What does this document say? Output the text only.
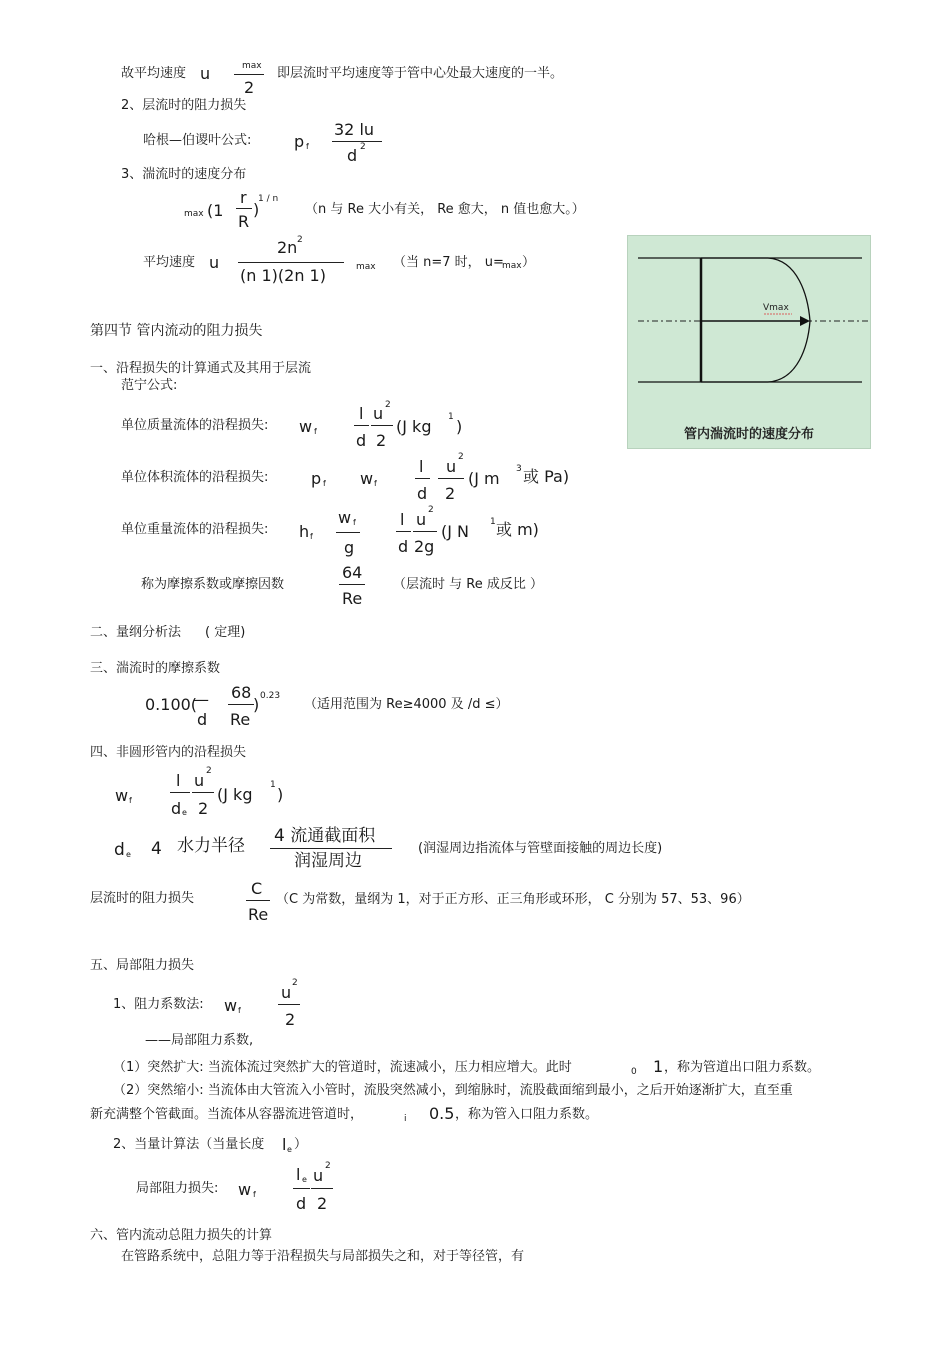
故平均速度 u	max
2
即层流时平均速度等于管中心处最大速度的一半。
2、层流时的阻力损失
哈根—伯谡叶公式:	p f
32 lu
d 2
3、湍流时的速度分布
max (1
r
R
)
1 / n
（n 与 Re 大小有关， Re 愈大， n 值也愈大。）
平均速度 u
2n 2
(n 1)(2n 1)	max （当 n=7 时， u=
max ）
Vmax
管内湍流时的速度分布
第四节 管内流动的阻力损失
一、沿程损失的计算通式及其用于层流
范宁公式:
单位质量流体的沿程损失: w f
l
d
u 2
2
(J kg 1 )
单位体积流体的沿程损失:	p f w f
l
d
u 2
2
(J m 3 或 Pa)
单位重量流体的沿程损失: h f
w f
g
l
d
u 2
2g
(J N 1 或 m)
称为摩擦系数或摩擦因数
64
Re
（层流时 与 Re 成反比 ）
二、量纲分析法 ( 定理)
三、湍流时的摩擦系数
0.100(
—
d
68
Re
) 0.23
（适用范围为 Re≥4000 及 /d ≤）
四、非圆形管内的沿程损失
w f
l
d e
u 2
2
(J kg 1 )
d e 4 水力半径 4 流通截面积
润湿周边
(润湿周边指流体与管壁面接触的周边长度)
层流时的阻力损失
C
Re
（C 为常数，量纲为 1，对于正方形、正三角形或环形， C 分别为 57、53、96）
五、局部阻力损失
1、阻力系数法: w f
u 2
2
——局部阻力系数,
（1）突然扩大: 当流体流过突然扩大的管道时，流速减小，压力相应增大。此时	0 1 ，称为管道出口阻力系数。
（2）突然缩小: 当流体由大管流入小管时，流股突然减小，到缩脉时，流股截面缩到最小，之后开始逐渐扩大，直至重
新充满整个管截面。当流体从容器流进管道时，	i 0.5 ，称为管入口阻力系数。
2、当量计算法（当量长度 l e ）
局部阻力损失: w f
l e
d
u 2
2
六、管内流动总阻力损失的计算
在管路系统中，总阻力等于沿程损失与局部损失之和，对于等径管，有
